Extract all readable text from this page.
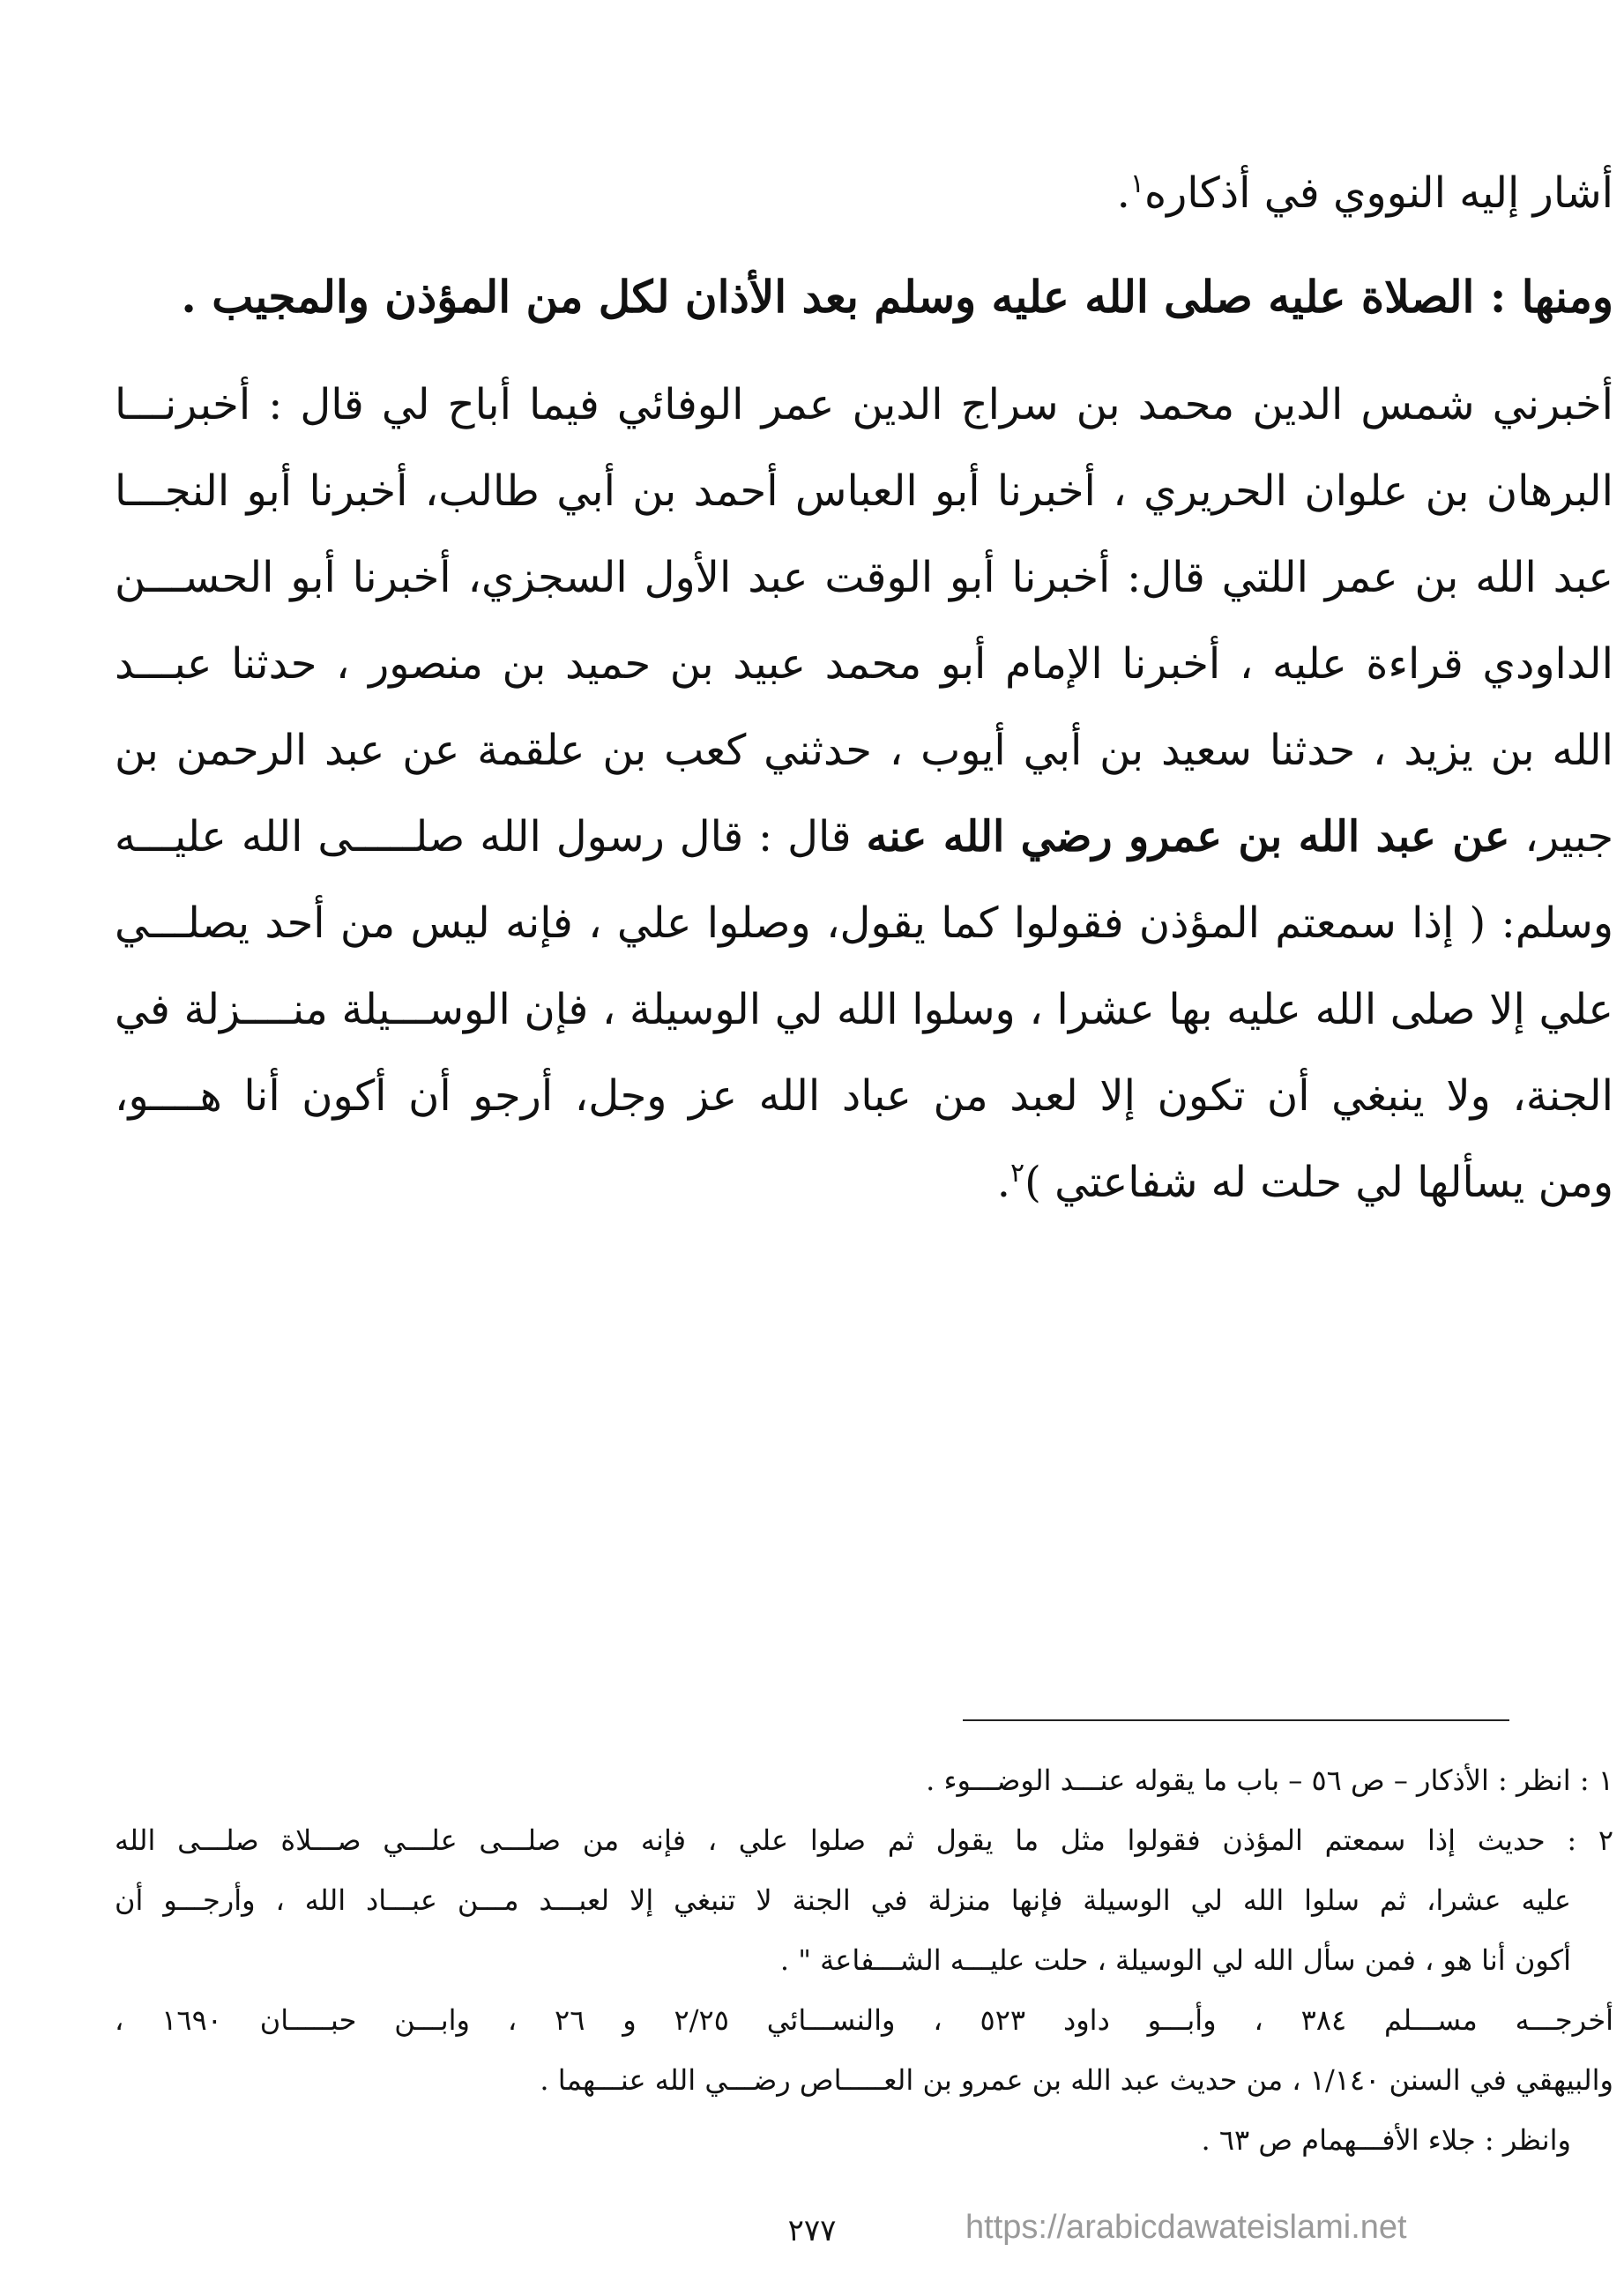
أشار إليه النووي في أذكاره$^١$.
ومنها : الصلاة عليه صلى الله عليه وسلم بعد الأذان لكل من المؤذن والمجيب .
أخبرني شمس الدين محمد بن سراج الدين عمر الوفائي فيما أباح لي قال : أخبرنـــا
البرهان بن علوان الحريري ، أخبرنا أبو العباس أحمد بن أبي طالب، أخبرنا أبو النجـــا
عبد الله بن عمر اللتي قال: أخبرنا أبو الوقت عبد الأول السجزي، أخبرنا أبو الحســـن
الداودي قراءة عليه ، أخبرنا الإمام أبو محمد عبيد بن حميد بن منصور ، حدثنا عبـــد
الله بن يزيد ، حدثنا سعيد بن أبي أيوب ، حدثني كعب بن علقمة عن عبد الرحمن بن
جبير، عن عبد الله بن عمرو رضي الله عنه قال : قال رسول الله صلـــــى الله عليـــه
وسلم: ( إذا سمعتم المؤذن فقولوا كما يقول، وصلوا علي ، فإنه ليس من أحد يصلـــي
علي إلا صلى الله عليه بها عشرا ، وسلوا الله لي الوسيلة ، فإن الوســـيلة منــــزلة في
الجنة، ولا ينبغي أن تكون إلا لعبد من عباد الله عز وجل، أرجو أن أكون أنا هــــو،
ومن يسألها لي حلت له شفاعتي )$^٢$.
١ : انظر : الأذكار – ص ٥٦ – باب ما يقوله عنـــد الوضـــوء .
٢ : حديث إذا سمعتم المؤذن فقولوا مثل ما يقول ثم صلوا علي ، فإنه من صلـــى علـــي صـــلاة صلـــى الله
عليه عشرا، ثم سلوا الله لي الوسيلة فإنها منزلة في الجنة لا تنبغي إلا لعبـــد مـــن عبـــاد الله ، وأرجـــو أن
أكون أنا هو ، فمن سأل الله لي الوسيلة ، حلت عليـــه الشـــفاعة " .
أخرجـــه مســـلم ٣٨٤ ، وأبـــو داود ٥٢٣ ، والنســـائي ٢/٢٥ و ٢٦ ، وابـــن حبـــــان ١٦٩٠ ،
والبيهقي في السنن ١/١٤٠ ، من حديث عبد الله بن عمرو بن العـــــاص رضـــي الله عنـــهما .
وانظر : جلاء الأفـــهمام ص ٦٣ .
٢٧٧	https://arabicdawateislami.net
